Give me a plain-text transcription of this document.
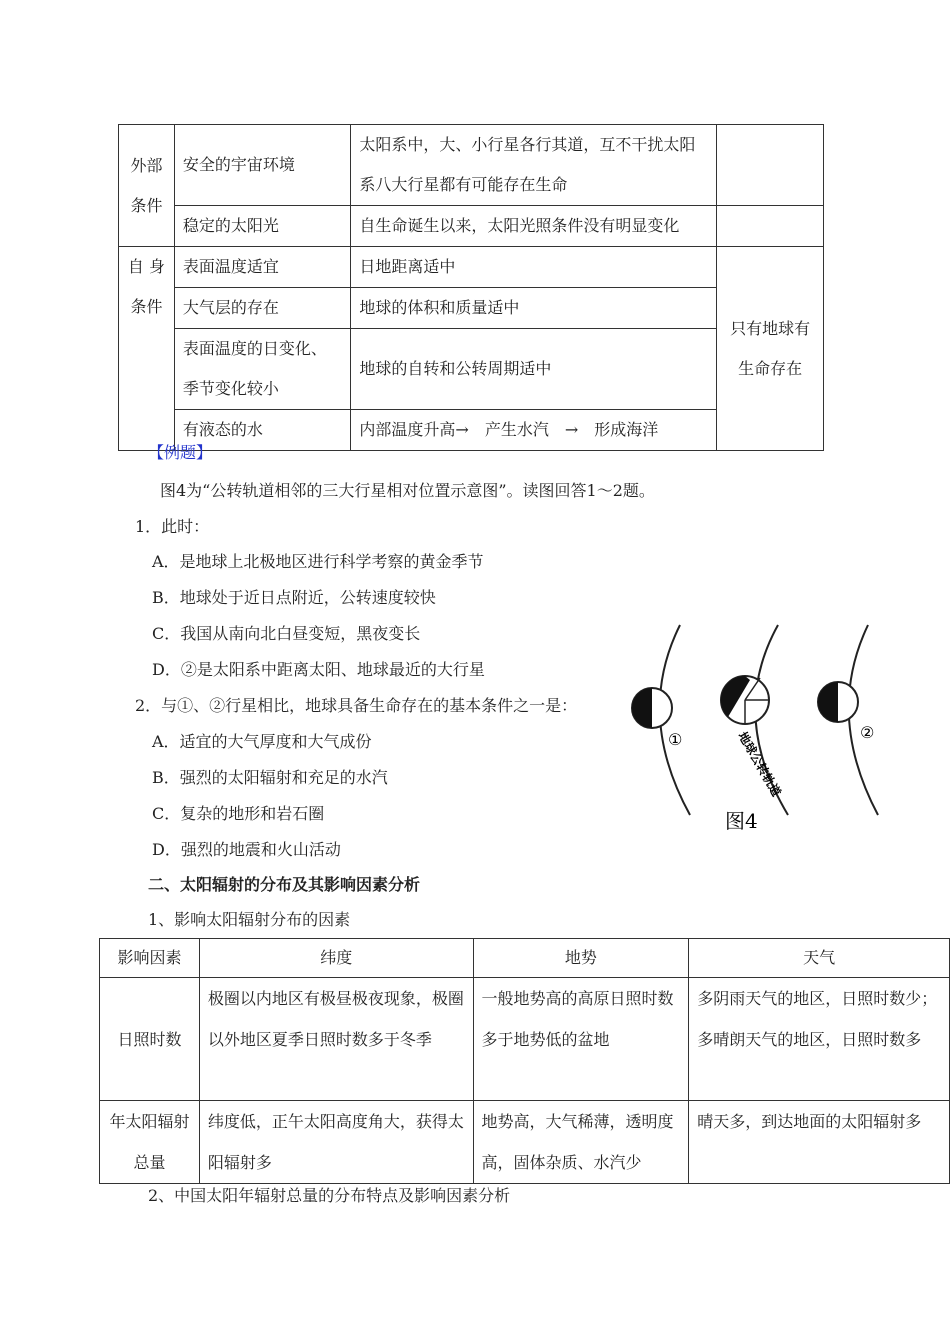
外部条件	安全的宇宙环境	太阳系中，大、小行星各行其道，互不干扰太阳系八大行星都有可能存在生命	
	稳定的太阳光	自生命诞生以来，太阳光照条件没有明显变化	
自 身条件	表面温度适宜	日地距离适中	只有地球有生命存在
	大气层的存在	地球的体积和质量适中	
	表面温度的日变化、季节变化较小	地球的自转和公转周期适中	
	有液态的水	内部温度升高→　产生水汽　→　形成海洋	
【例题】
图4为“公转轨道相邻的三大行星相对位置示意图”。读图回答1～2题。
1．此时：
A．是地球上北极地区进行科学考察的黄金季节
B．地球处于近日点附近，公转速度较快
C．我国从南向北白昼变短，黑夜变长
D．②是太阳系中距离太阳、地球最近的大行星
2．与①、②行星相比，地球具备生命存在的基本条件之一是：
A．适宜的大气厚度和大气成份
B．强烈的太阳辐射和充足的水汽
C．复杂的地形和岩石圈
D．强烈的地震和火山活动
①	②
地球公转轨道
图4
二、太阳辐射的分布及其影响因素分析
1、影响太阳辐射分布的因素
影响因素	纬度	地势	天气
日照时数	极圈以内地区有极昼极夜现象，极圈以外地区夏季日照时数多于冬季	一般地势高的高原日照时数多于地势低的盆地	多阴雨天气的地区，日照时数少；多晴朗天气的地区，日照时数多
年太阳辐射总量	纬度低，正午太阳高度角大，获得太阳辐射多	地势高，大气稀薄，透明度高，固体杂质、水汽少	晴天多，到达地面的太阳辐射多
2、中国太阳年辐射总量的分布特点及影响因素分析
